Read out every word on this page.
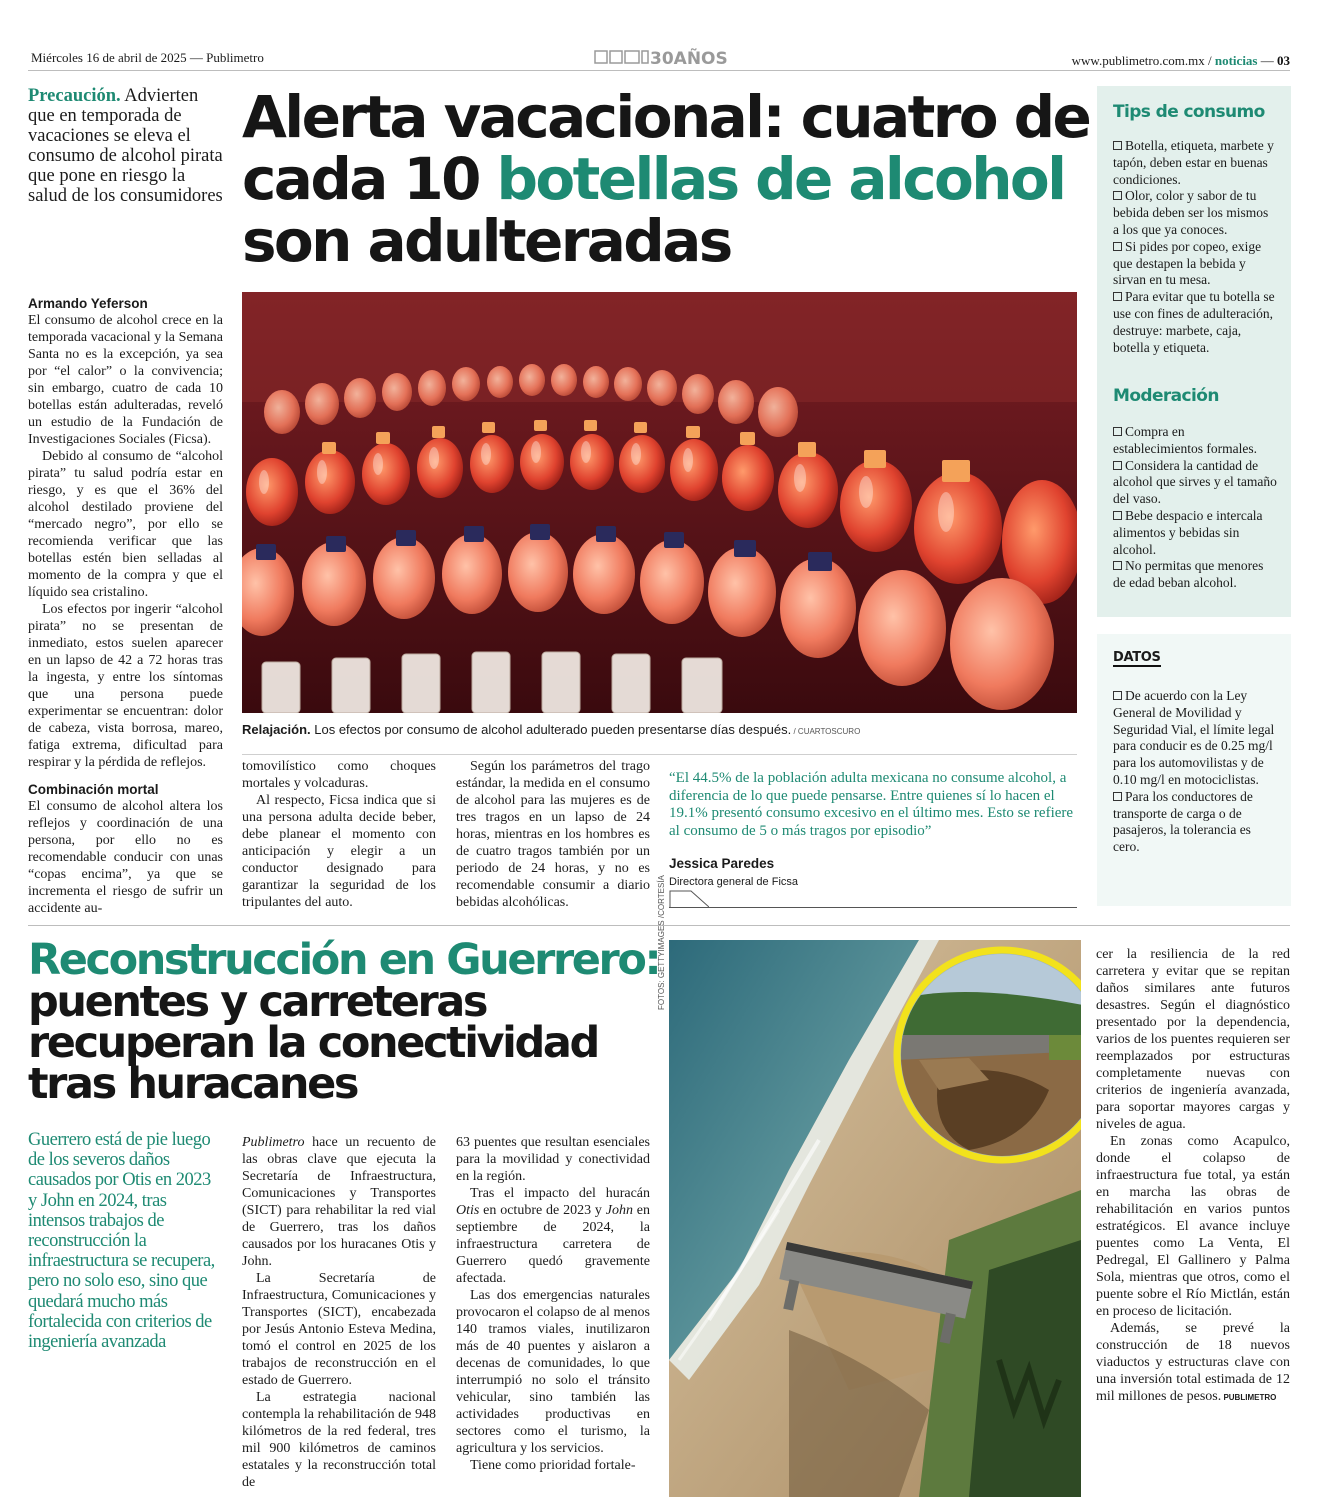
Miércoles 16 de abril de 2025 — Publimetro	30AÑOS	www.publimetro.com.mx / noticias — 03
Precaución. Advierten que en temporada de vacaciones se eleva el consumo de alcohol pirata que pone en riesgo la salud de los consumidores
Alerta vacacional: cuatro de cada 10 botellas de alcohol son adulteradas
Armando Yeferson

El consumo de alcohol crece en la temporada vacacional y la Semana Santa no es la excepción, ya sea por “el calor” o la convivencia; sin embargo, cuatro de cada 10 botellas están adulteradas, reveló un estudio de la Fundación de Investigaciones Sociales (Ficsa).

Debido al consumo de “alcohol pirata” tu salud podría estar en riesgo, y es que el 36% del alcohol destilado proviene del “mercado negro”, por ello se recomienda verificar que las botellas estén bien selladas al momento de la compra y que el líquido sea cristalino.

Los efectos por ingerir “alcohol pirata” no se presentan de inmediato, estos suelen aparecer en un lapso de 42 a 72 horas tras la ingesta, y entre los síntomas que una persona puede experimentar se encuentran: dolor de cabeza, vista borrosa, mareo, fatiga extrema, dificultad para respirar y la pérdida de reflejos.

Combinación mortal

El consumo de alcohol altera los reflejos y coordinación de una persona, por ello no es recomendable conducir con unas “copas encima”, ya que se incrementa el riesgo de sufrir un accidente au-

Relajación. Los efectos por consumo de alcohol adulterado pueden presentarse días después. / CUARTOSCURO

tomovilístico como choques mortales y volcaduras.

Al respecto, Ficsa indica que si una persona adulta decide beber, debe planear el momento con anticipación y elegir a un conductor designado para garantizar la seguridad de los tripulantes del auto.

Según los parámetros del trago estándar, la medida en el consumo de alcohol para las mujeres es de tres tragos en un lapso de 24 horas, mientras en los hombres es de cuatro tragos también por un periodo de 24 horas, y no es recomendable consumir a diario bebidas alcohólicas.

“El 44.5% de la población adulta mexicana no consume alcohol, a diferencia de lo que puede pensarse. Entre quienes sí lo hacen el 19.1% presentó consumo excesivo en el último mes. Esto se refiere al consumo de 5 o más tragos por episodio”
Jessica Paredes
Directora general de Ficsa
Tips de consumo
Botella, etiqueta, marbete y tapón, deben estar en buenas condiciones.
Olor, color y sabor de tu bebida deben ser los mismos a los que ya conoces.
Si pides por copeo, exige que destapen la bebida y sirvan en tu mesa.
Para evitar que tu botella se use con fines de adulteración, destruye: marbete, caja, botella y etiqueta.
Moderación
Compra en establecimientos formales.
Considera la cantidad de alcohol que sirves y el tamaño del vaso.
Bebe despacio e intercala alimentos y bebidas sin alcohol.
No permitas que menores de edad beban alcohol.
DATOS
De acuerdo con la Ley General de Movilidad y Seguridad Vial, el límite legal para conducir es de 0.25 mg/l para los automovilistas y de 0.10 mg/l en motociclistas.
Para los conductores de transporte de carga o de pasajeros, la tolerancia es cero.
Reconstrucción en Guerrero:
puentes y carreteras recuperan la conectividad tras huracanes
Guerrero está de pie luego de los severos daños causados por Otis en 2023 y John en 2024, tras intensos trabajos de reconstrucción la infraestructura se recupera, pero no solo eso, sino que quedará mucho más fortalecida con criterios de ingeniería avanzada

Publimetro hace un recuento de las obras clave que ejecuta la Secretaría de Infraestructura, Comunicaciones y Transportes (SICT) para rehabilitar la red vial de Guerrero, tras los daños causados por los huracanes Otis y John.

La Secretaría de Infraestructura, Comunicaciones y Transportes (SICT), encabezada por Jesús Antonio Esteva Medina, tomó el control en 2025 de los trabajos de reconstrucción en el estado de Guerrero.

La estrategia nacional contempla la rehabilitación de 948 kilómetros de la red federal, tres mil 900 kilómetros de caminos estatales y la reconstrucción total de

63 puentes que resultan esenciales para la movilidad y conectividad en la región.

Tras el impacto del huracán Otis en octubre de 2023 y John en septiembre de 2024, la infraestructura carretera de Guerrero quedó gravemente afectada.

Las dos emergencias naturales provocaron el colapso de al menos 140 tramos viales, inutilizaron más de 40 puentes y aislaron a decenas de comunidades, lo que interrumpió no solo el tránsito vehicular, sino también las actividades productivas en sectores como el turismo, la agricultura y los servicios.

Tiene como prioridad fortale-

FOTOS: GETTYIMAGES /CORTESÍA	cer la resiliencia de la red carretera y evitar que se repitan daños similares ante futuros desastres. Según el diagnóstico presentado por la dependencia, varios de los puentes requieren ser reemplazados por estructuras completamente nuevas con criterios de ingeniería avanzada, para soportar mayores cargas y niveles de agua.

En zonas como Acapulco, donde el colapso de infraestructura fue total, ya están en marcha las obras de rehabilitación en varios puntos estratégicos. El avance incluye puentes como La Venta, El Pedregal, El Gallinero y Palma Sola, mientras que otros, como el puente sobre el Río Mictlán, están en proceso de licitación.

Además, se prevé la construcción de 18 nuevos viaductos y estructuras clave con una inversión total estimada de 12 mil millones de pesos. PUBLIMETRO
